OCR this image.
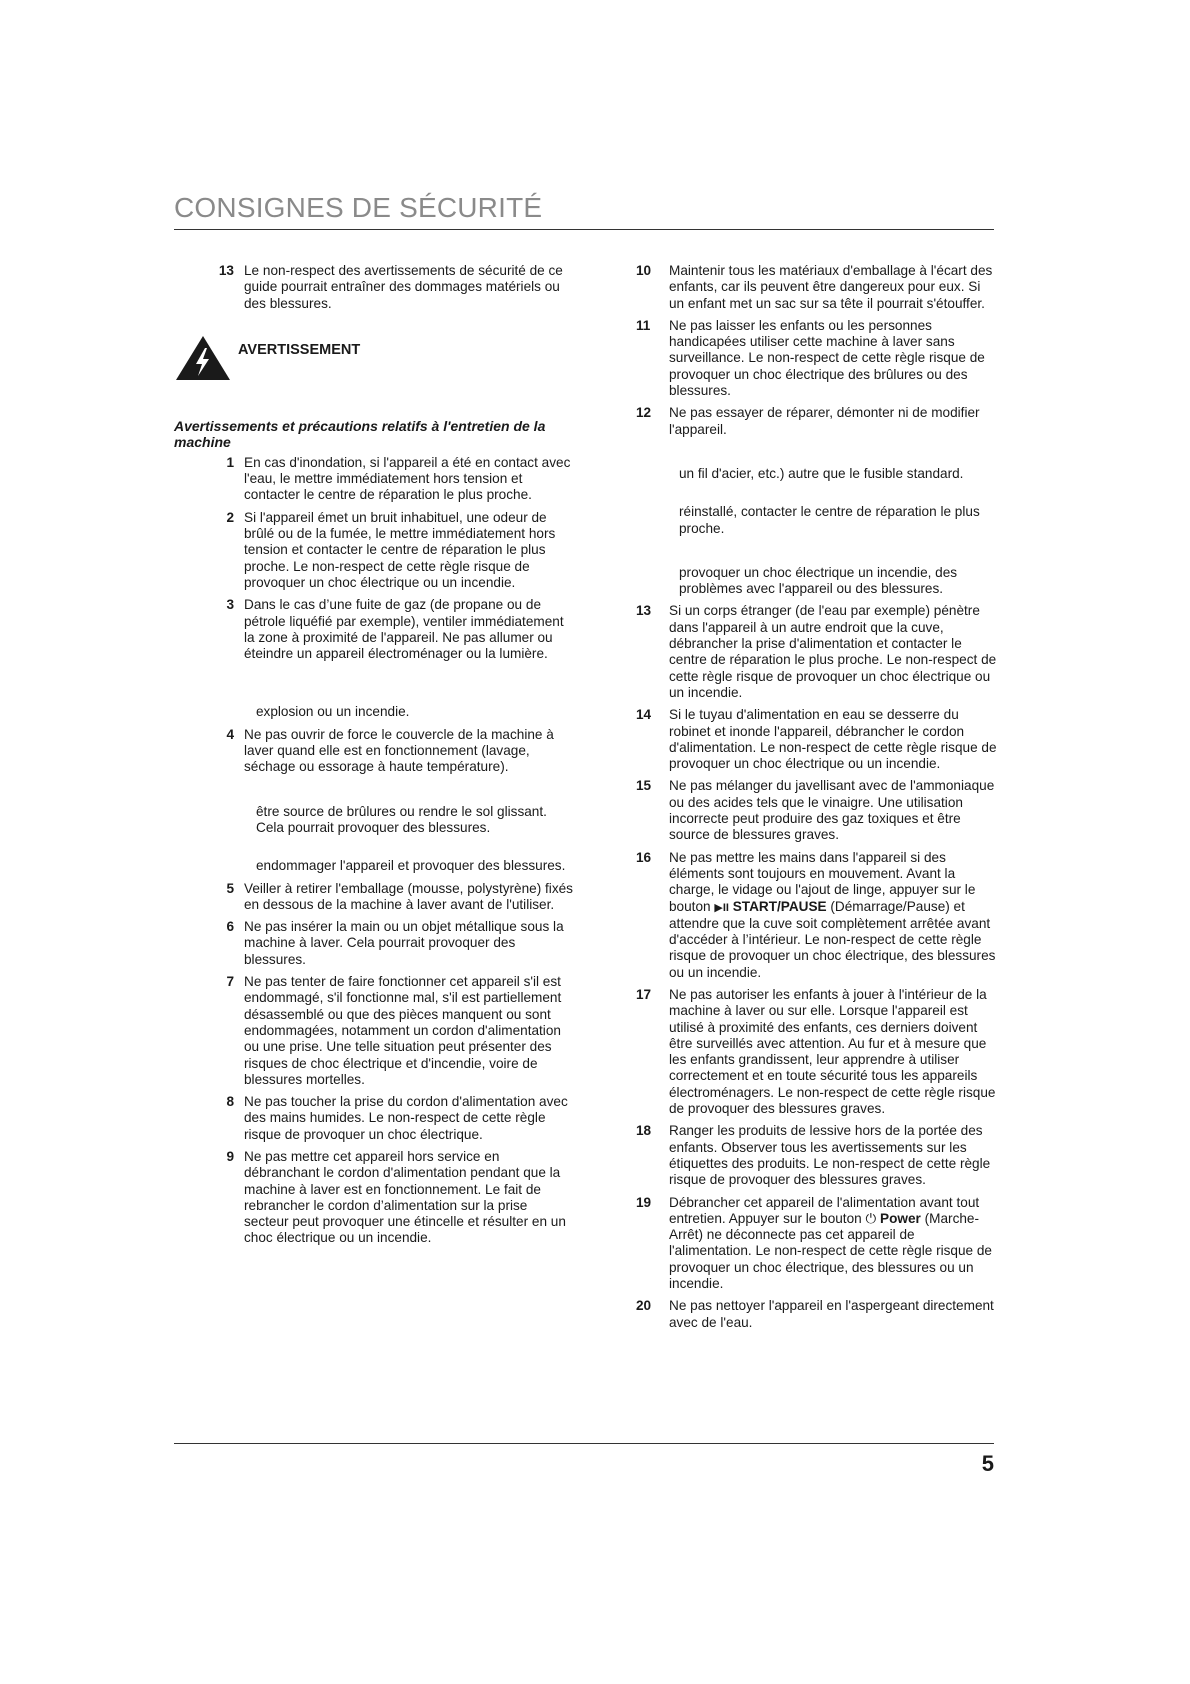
CONSIGNES DE SÉCURITÉ
13 Le non-respect des avertissements de sécurité de ce guide pourrait entraîner des dommages matériels ou des blessures.
AVERTISSEMENT
Avertissements et précautions relatifs à l'entretien de la machine
1 En cas d'inondation, si l'appareil a été en contact avec l'eau, le mettre immédiatement hors tension et contacter le centre de réparation le plus proche.
2 Si l'appareil émet un bruit inhabituel, une odeur de brûlé ou de la fumée, le mettre immédiatement hors tension et contacter le centre de réparation le plus proche. Le non-respect de cette règle risque de provoquer un choc électrique ou un incendie.
3 Dans le cas d’une fuite de gaz (de propane ou de pétrole liquéfié par exemple), ventiler immédiatement la zone à proximité de l'appareil. Ne pas allumer ou éteindre un appareil électroménager ou la lumière.
explosion ou un incendie.
4 Ne pas ouvrir de force le couvercle de la machine à laver quand elle est en fonctionnement (lavage, séchage ou essorage à haute température).
être source de brûlures ou rendre le sol glissant. Cela pourrait provoquer des blessures.
endommager l'appareil et provoquer des blessures.
5 Veiller à retirer l'emballage (mousse, polystyrène) fixés en dessous de la machine à laver avant de l'utiliser.
6 Ne pas insérer la main ou un objet métallique sous la machine à laver. Cela pourrait provoquer des blessures.
7 Ne pas tenter de faire fonctionner cet appareil s'il est endommagé, s'il fonctionne mal, s'il est partiellement désassemblé ou que des pièces manquent ou sont endommagées, notamment un cordon d'alimentation ou une prise. Une telle situation peut présenter des risques de choc électrique et d'incendie, voire de blessures mortelles.
8 Ne pas toucher la prise du cordon d'alimentation avec des mains humides. Le non-respect de cette règle risque de provoquer un choc électrique.
9 Ne pas mettre cet appareil hors service en débranchant le cordon d'alimentation pendant que la machine à laver est en fonctionnement. Le fait de rebrancher le cordon d’alimentation sur la prise secteur peut provoquer une étincelle et résulter en un choc électrique ou un incendie.
10	Maintenir tous les matériaux d'emballage à l'écart des enfants, car ils peuvent être dangereux pour eux. Si un enfant met un sac sur sa tête il pourrait s'étouffer.
11	Ne pas laisser les enfants ou les personnes handicapées utiliser cette machine à laver sans surveillance. Le non-respect de cette règle risque de provoquer un choc électrique des brûlures ou des blessures.
12	Ne pas essayer de réparer, démonter ni de modifier l'appareil.
un fil d'acier, etc.) autre que le fusible standard.
réinstallé, contacter le centre de réparation le plus proche.
provoquer un choc électrique un incendie, des problèmes avec l'appareil ou des blessures.
13	Si un corps étranger (de l'eau par exemple) pénètre dans l'appareil à un autre endroit que la cuve, débrancher la prise d'alimentation et contacter le centre de réparation le plus proche. Le non-respect de cette règle risque de provoquer un choc électrique ou un incendie.
14	Si le tuyau d'alimentation en eau se desserre du robinet et inonde l'appareil, débrancher le cordon d'alimentation. Le non-respect de cette règle risque de provoquer un choc électrique ou un incendie.
15	Ne pas mélanger du javellisant avec de l'ammoniaque ou des acides tels que le vinaigre. Une utilisation incorrecte peut produire des gaz toxiques et être source de blessures graves.
16	Ne pas mettre les mains dans l'appareil si des éléments sont toujours en mouvement. Avant la charge, le vidage ou l'ajout de linge, appuyer sur le bouton ▶II START/PAUSE (Démarrage/Pause) et attendre que la cuve soit complètement arrêtée avant d'accéder à l’intérieur. Le non-respect de cette règle risque de provoquer un choc électrique, des blessures ou un incendie.
17	Ne pas autoriser les enfants à jouer à l'intérieur de la machine à laver ou sur elle. Lorsque l'appareil est utilisé à proximité des enfants, ces derniers doivent être surveillés avec attention. Au fur et à mesure que les enfants grandissent, leur apprendre à utiliser correctement et en toute sécurité tous les appareils électroménagers. Le non-respect de cette règle risque de provoquer des blessures graves.
18	Ranger les produits de lessive hors de la portée des enfants. Observer tous les avertissements sur les étiquettes des produits. Le non-respect de cette règle risque de provoquer des blessures graves.
19	Débrancher cet appareil de l'alimentation avant tout entretien. Appuyer sur le bouton ⏻ Power (Marche-Arrêt) ne déconnecte pas cet appareil de l'alimentation. Le non-respect de cette règle risque de provoquer un choc électrique, des blessures ou un incendie.
20	Ne pas nettoyer l'appareil en l'aspergeant directement avec de l'eau.
5
